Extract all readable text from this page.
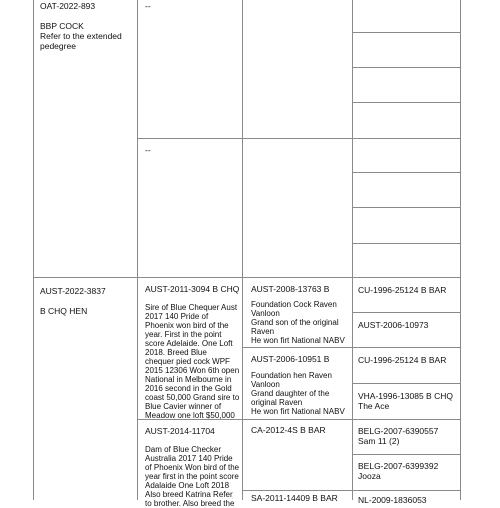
OAT-2022-893
BBP COCK
Refer to the extended
pedegree
AUST-2022-3837
B CHQ HEN
--
--
AUST-2011-3094 B CHQ
Sire of Blue Chequer Aust
2017 140 Pride of
Phoenix won bird of the
year. First in the point
score Adelaide. One Loft
2018. Breed Blue
chequer pied cock WPF
2015 12306 Won 6th open
National in Melbourne in
2016 second in the Gold
coast 50,000 Grand sire to
Blue Cavier winner of
Meadow one loft $50,000
AUST-2014-11704
Dam of Blue Checker
Australia 2017 140 Pride
of Phoenix Won bird of the
year first in the point score
Adalaide One Loft 2018
Also breed Katrina Refer
to brother. Also breed the
AUST-2008-13763 B
Foundation Cock Raven
Vanloon
Grand son of the original
Raven
He won firt National NABV
AUST-2006-10951 B
Foundation hen Raven
Vanloon
Grand daughter of the
original Raven
He won firt National NABV
CA-2012-4S B BAR
SA-2011-14409 B BAR
CU-1996-25124 B BAR
AUST-2006-10973
CU-1996-25124 B BAR
VHA-1996-13085 B CHQ
The Ace
BELG-2007-6390557
Sam 11 (2)
BELG-2007-6399392
Jooza
NL-2009-1836053
